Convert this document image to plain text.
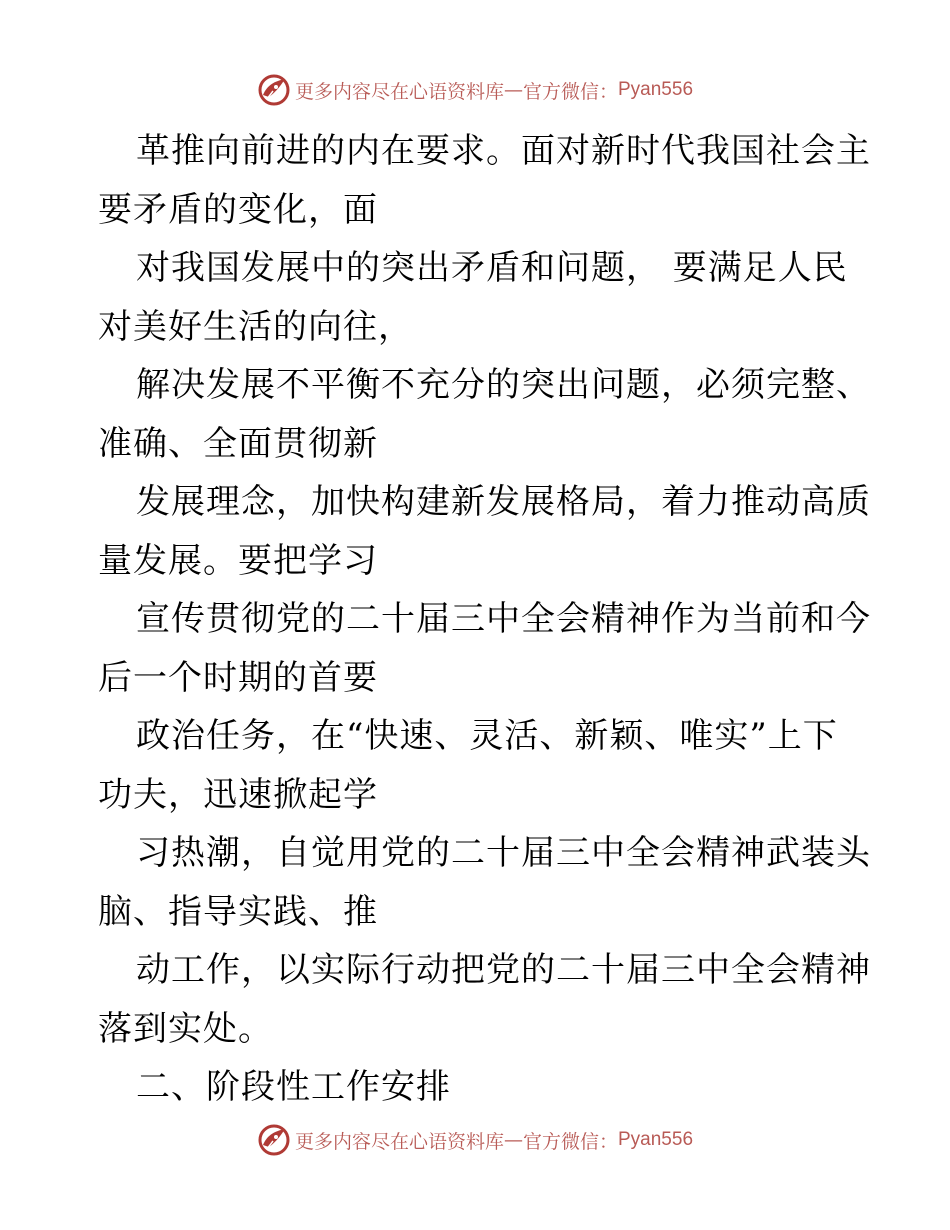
更多内容尽在心语资料库 — 官方微信： Pyan556
革推向前进的内在要求。面对新时代我国社会主
要矛盾的变化，面
对我国发展中的突出矛盾和问题， 要满足人民
对美好生活的向往，
解决发展不平衡不充分的突出问题，必须完整、
准确、全面贯彻新
发展理念，加快构建新发展格局，着力推动高质
量发展。要把学习
宣传贯彻党的二十届三中全会精神作为当前和今
后一个时期的首要
政治任务，在“快速、灵活、新颖、唯实”上下
功夫，迅速掀起学
习热潮，自觉用党的二十届三中全会精神武装头
脑、指导实践、推
动工作，以实际行动把党的二十届三中全会精神
落到实处。
二、阶段性工作安排
更多内容尽在心语资料库 — 官方微信： Pyan556
